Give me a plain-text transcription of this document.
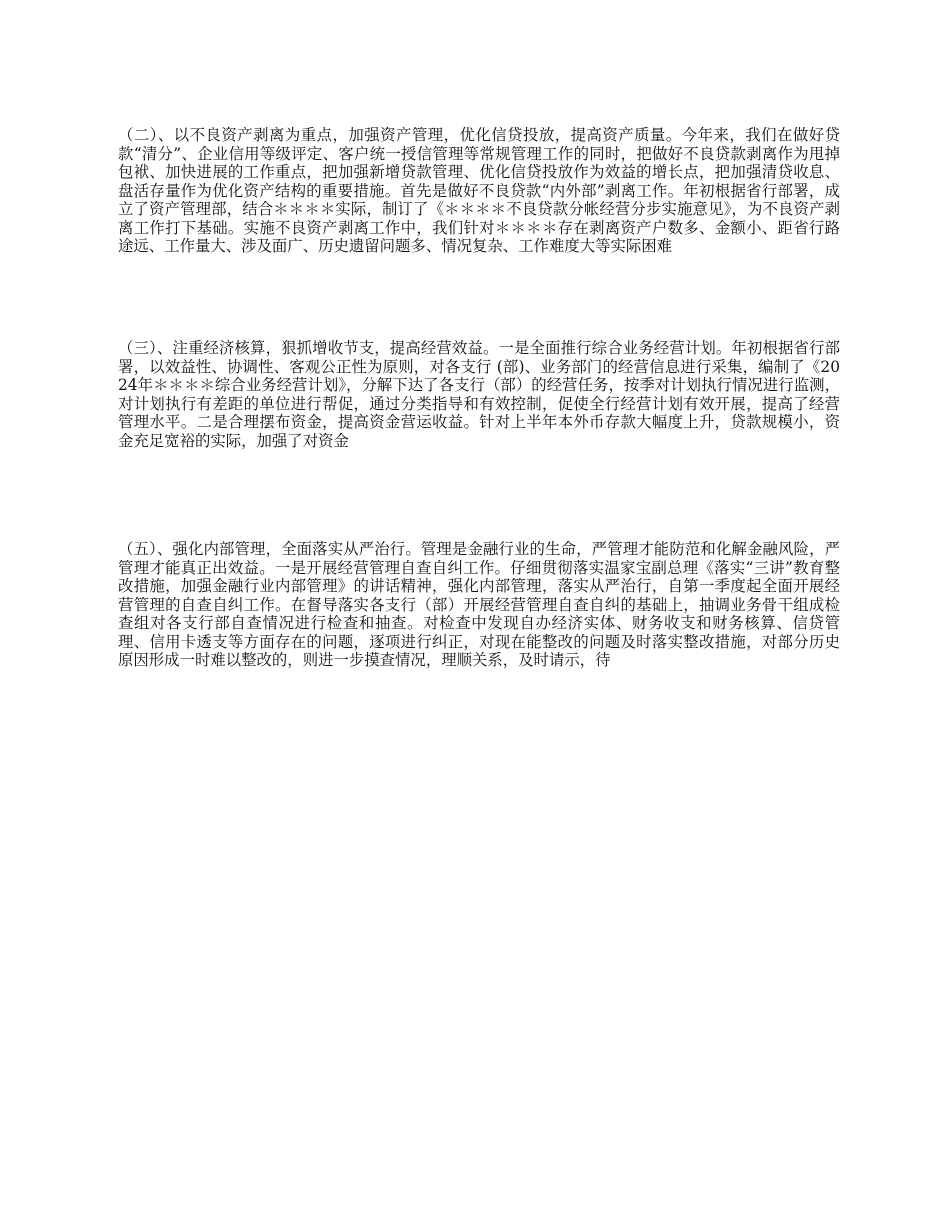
（二）、以不良资产剥离为重点，加强资产管理，优化信贷投放，提高资产质量。今年来，我们在做好贷款“清分”、企业信用等级评定、客户统一授信管理等常规管理工作的同时，把做好不良贷款剥离作为甩掉包袱、加快进展的工作重点，把加强新增贷款管理、优化信贷投放作为效益的增长点，把加强清贷收息、盘活存量作为优化资产结构的重要措施。首先是做好不良贷款“内外部”剥离工作。年初根据省行部署，成立了资产管理部，结合＊＊＊＊实际，制订了《＊＊＊＊不良贷款分帐经营分步实施意见》，为不良资产剥离工作打下基础。实施不良资产剥离工作中，我们针对＊＊＊＊存在剥离资产户数多、金额小、距省行路途远、工作量大、涉及面广、历史遗留问题多、情况复杂、工作难度大等实际困难

（三）、注重经济核算，狠抓增收节支，提高经营效益。一是全面推行综合业务经营计划。年初根据省行部署，以效益性、协调性、客观公正性为原则，对各支行 (部)、业务部门的经营信息进行采集，编制了《2024年＊＊＊＊综合业务经营计划》，分解下达了各支行（部）的经营任务，按季对计划执行情况进行监测，对计划执行有差距的单位进行帮促，通过分类指导和有效控制，促使全行经营计划有效开展，提高了经营管理水平。二是合理摆布资金，提高资金营运收益。针对上半年本外币存款大幅度上升，贷款规模小，资金充足宽裕的实际，加强了对资金

（五）、强化内部管理，全面落实从严治行。管理是金融行业的生命，严管理才能防范和化解金融风险，严管理才能真正出效益。一是开展经营管理自查自纠工作。仔细贯彻落实温家宝副总理《落实“三讲”教育整改措施，加强金融行业内部管理》的讲话精神，强化内部管理，落实从严治行，自第一季度起全面开展经营管理的自查自纠工作。在督导落实各支行（部）开展经营管理自查自纠的基础上，抽调业务骨干组成检查组对各支行部自查情况进行检查和抽查。对检查中发现自办经济实体、财务收支和财务核算、信贷管理、信用卡透支等方面存在的问题，逐项进行纠正，对现在能整改的问题及时落实整改措施，对部分历史原因形成一时难以整改的，则进一步摸查情况，理顺关系，及时请示，待
